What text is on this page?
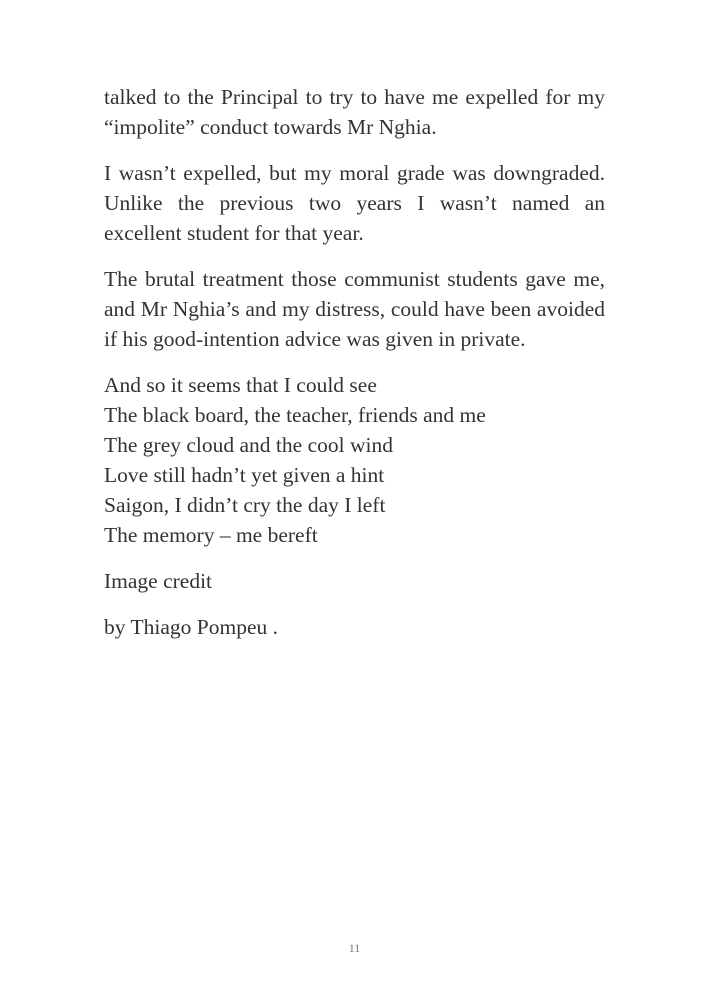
talked to the Principal to try to have me expelled for my “impolite” conduct towards Mr Nghia.

I wasn’t expelled, but my moral grade was downgraded. Unlike the previous two years I wasn’t named an excellent student for that year.

The brutal treatment those communist students gave me, and Mr Nghia’s and my distress, could have been avoided if his good-intention advice was given in private.

And so it seems that I could see
The black board, the teacher, friends and me
The grey cloud and the cool wind
Love still hadn’t yet given a hint
Saigon, I didn’t cry the day I left
The memory – me bereft

Image credit

by Thiago Pompeu .

11
